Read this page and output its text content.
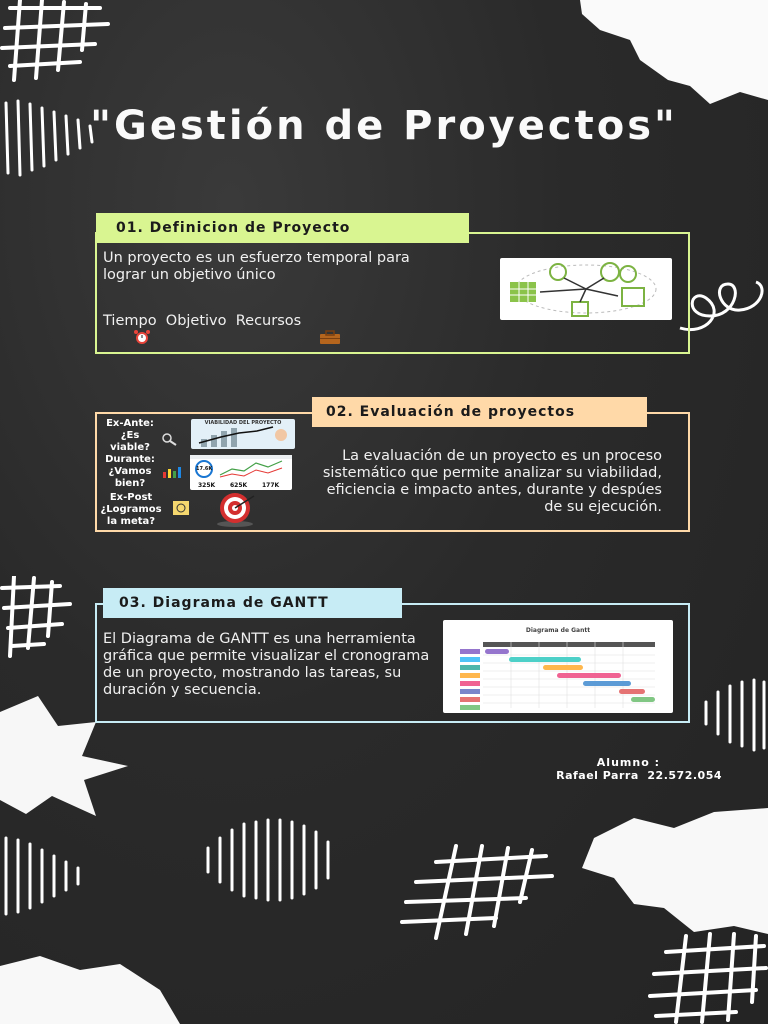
"Gestión de Proyectos"
01. Definicion de Proyecto
Un proyecto es un esfuerzo temporal para lograr un objetivo único
Tiempo Objetivo Recursos
02. Evaluación de proyectos
La evaluación de un proyecto es un proceso sistemático que permite analizar su viabilidad, eficiencia e impacto antes, durante y despúes de su ejecución.
Ex-Ante: ¿Es viable?
Durante: ¿Vamos bien?
Ex-Post ¿Logramos la meta?
VIABILIDAD DEL PROYECTO
17.6K
325K 625K 177K
03. Diagrama de GANTT
El Diagrama de GANTT es una herramienta gráfica que permite visualizar el cronograma de un proyecto, mostrando las tareas, su duración y secuencia.
Diagrama de Gantt
Alumno :
Rafael Parra  22.572.054
